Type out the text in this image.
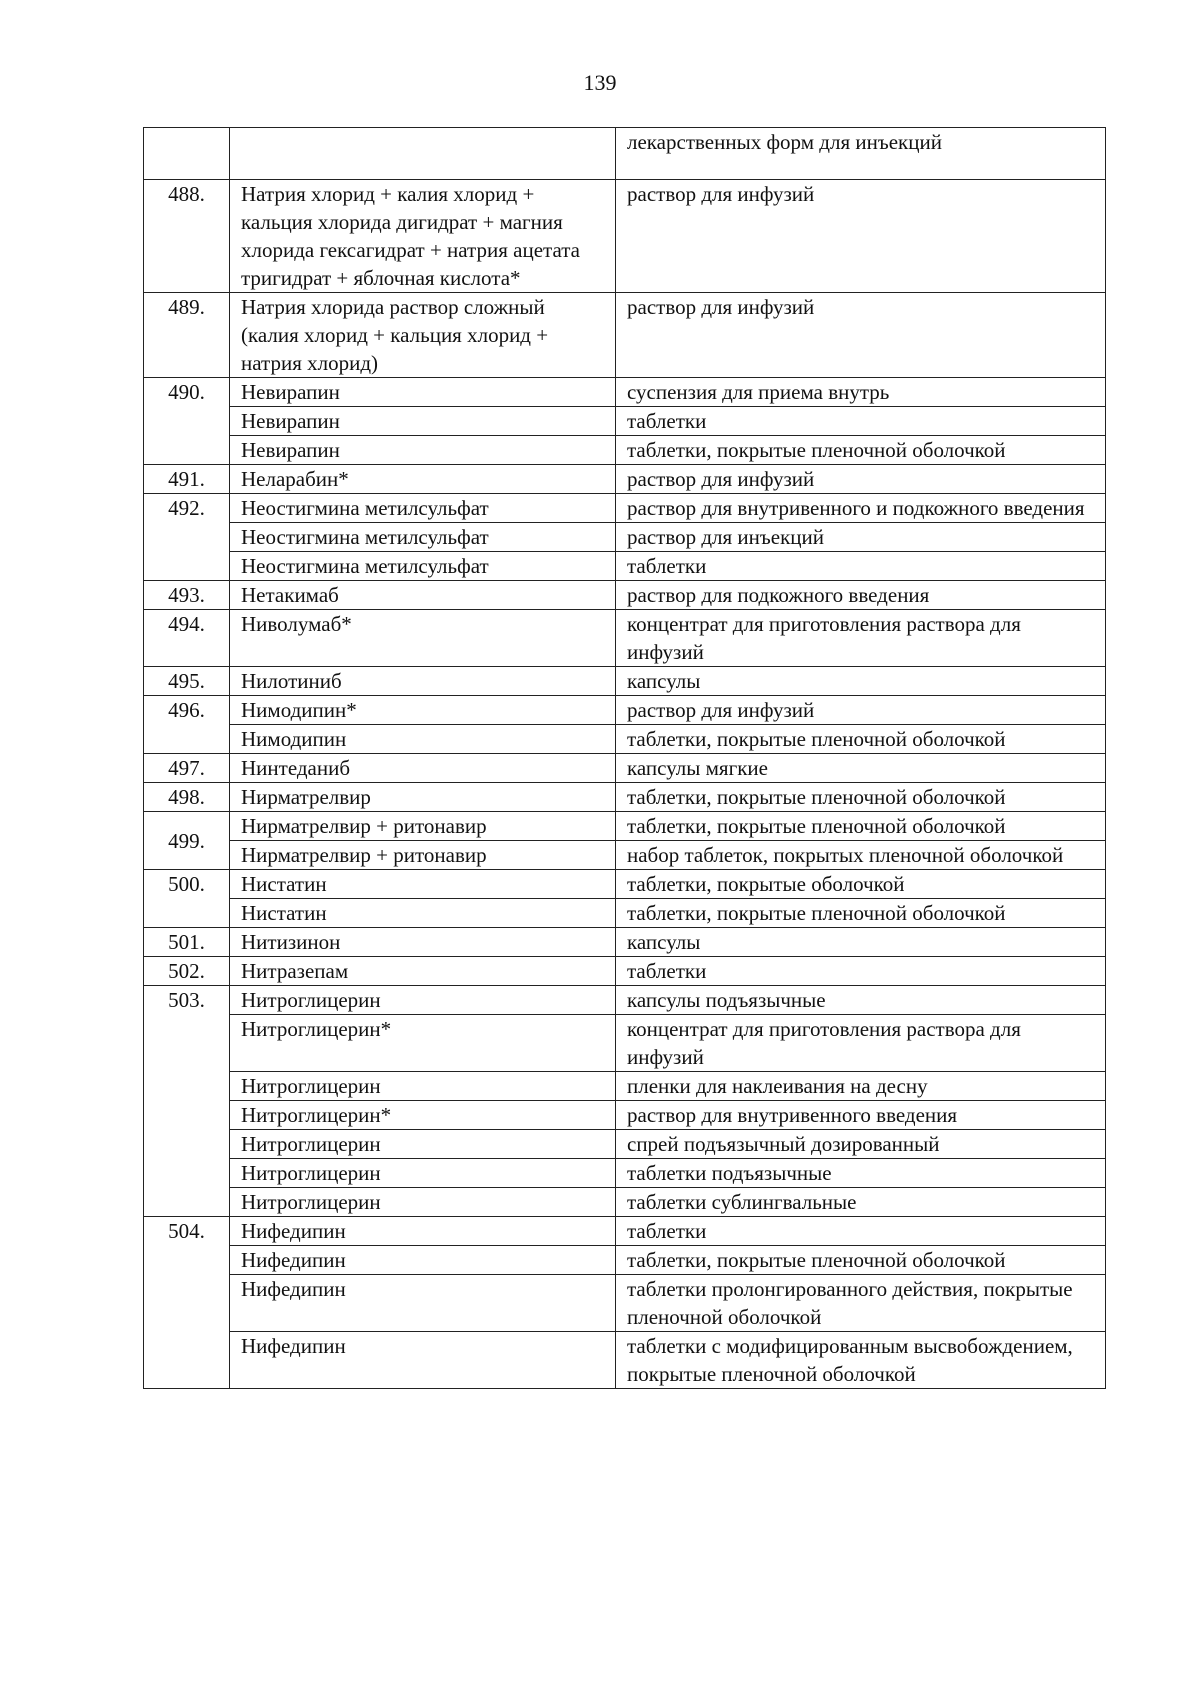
139
		лекарственных форм для инъекций
488.	Натрия хлорид + калия хлорид + кальция хлорида дигидрат + магния хлорида гексагидрат + натрия ацетата тригидрат + яблочная кислота*	раствор для инфузий
489.	Натрия хлорида раствор сложный (калия хлорид + кальция хлорид + натрия хлорид)	раствор для инфузий
490.	Невирапин	суспензия для приема внутрь
	Невирапин	таблетки
	Невирапин	таблетки, покрытые пленочной оболочкой
491.	Неларабин*	раствор для инфузий
492.	Неостигмина метилсульфат	раствор для внутривенного и подкожного введения
	Неостигмина метилсульфат	раствор для инъекций
	Неостигмина метилсульфат	таблетки
493.	Нетакимаб	раствор для подкожного введения
494.	Ниволумаб*	концентрат для приготовления раствора для инфузий
495.	Нилотиниб	капсулы
496.	Нимодипин*	раствор для инфузий
	Нимодипин	таблетки, покрытые пленочной оболочкой
497.	Нинтеданиб	капсулы мягкие
498.	Нирматрелвир	таблетки, покрытые пленочной оболочкой
499.	Нирматрелвир + ритонавир	таблетки, покрытые пленочной оболочкой
	Нирматрелвир + ритонавир	набор таблеток, покрытых пленочной оболочкой
500.	Нистатин	таблетки, покрытые оболочкой
	Нистатин	таблетки, покрытые пленочной оболочкой
501.	Нитизинон	капсулы
502.	Нитразепам	таблетки
503.	Нитроглицерин	капсулы подъязычные
	Нитроглицерин*	концентрат для приготовления раствора для инфузий
	Нитроглицерин	пленки для наклеивания на десну
	Нитроглицерин*	раствор для внутривенного введения
	Нитроглицерин	спрей подъязычный дозированный
	Нитроглицерин	таблетки подъязычные
	Нитроглицерин	таблетки сублингвальные
504.	Нифедипин	таблетки
	Нифедипин	таблетки, покрытые пленочной оболочкой
	Нифедипин	таблетки пролонгированного действия, покрытые пленочной оболочкой
	Нифедипин	таблетки с модифицированным высвобождением, покрытые пленочной оболочкой
